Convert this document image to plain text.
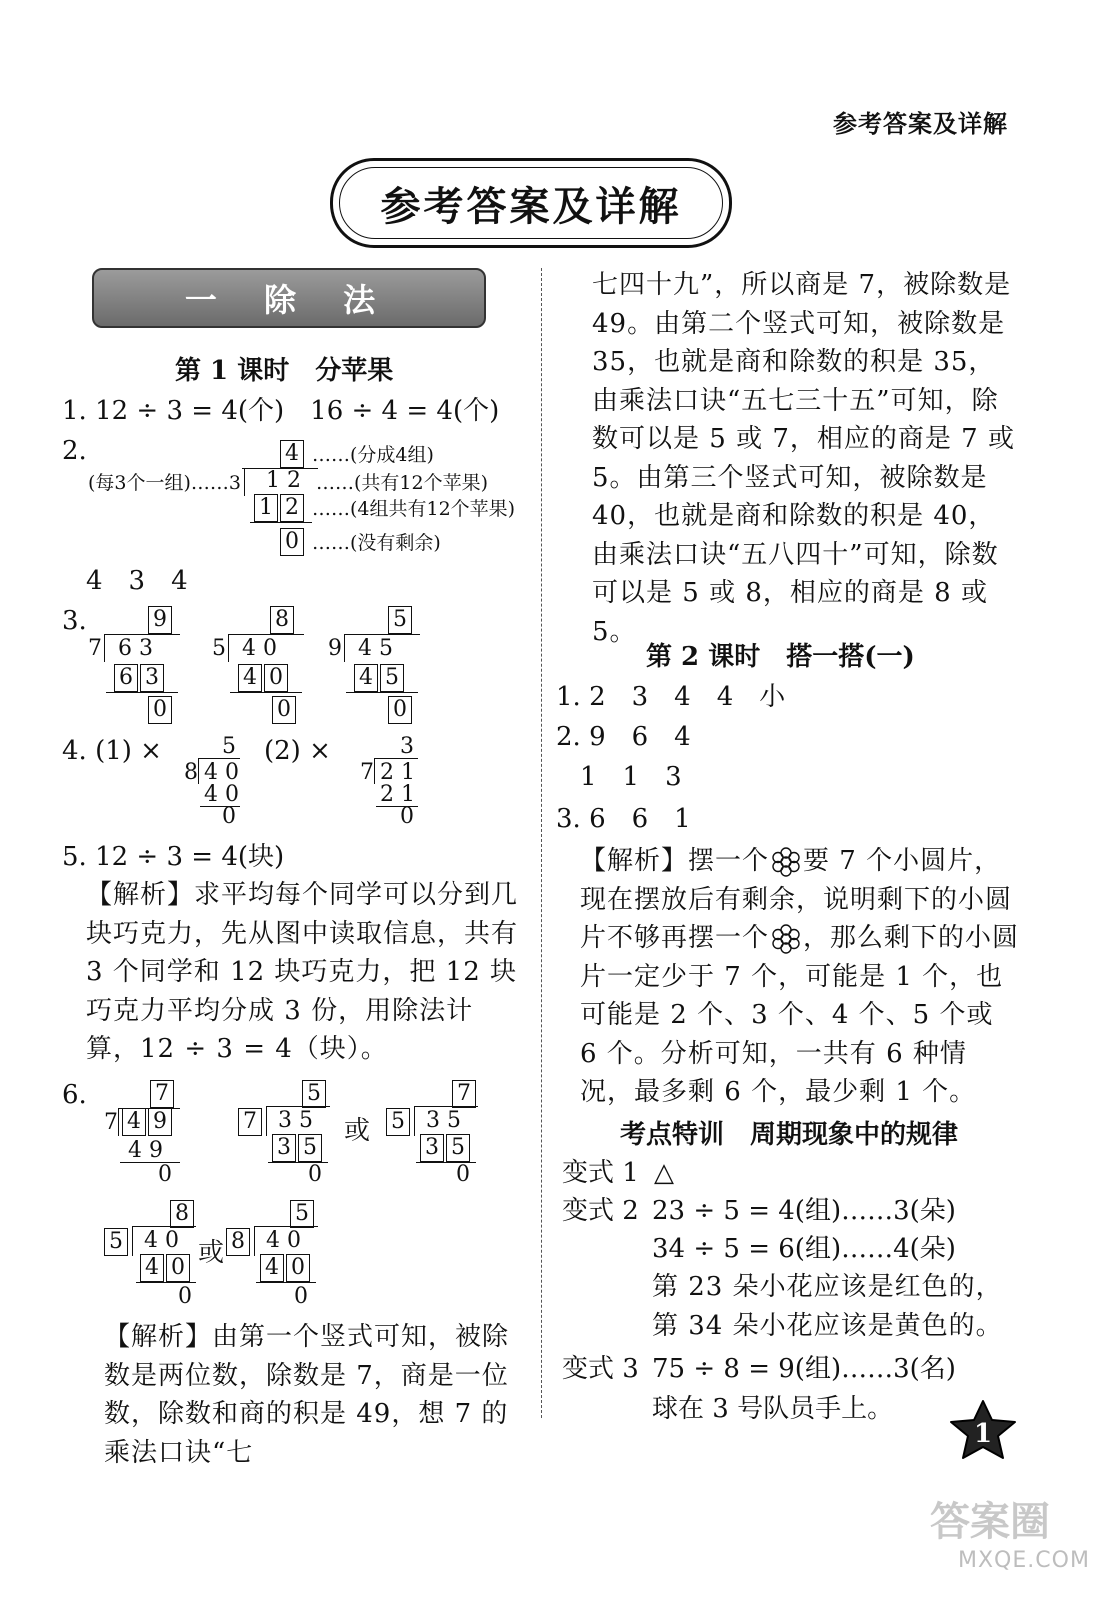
参考答案及详解
参考答案及详解
一 除 法
第 1 课时　分苹果
1. 12 ÷ 3 = 4(个)　16 ÷ 4 = 4(个)
2.	4 ……(分成4组)
(每3个一组)……3 1 2 ……(共有12个苹果)
1 2 ……(4组共有12个苹果)
0 ……(没有剩余)
4　3　4
3.	9
7 6 3
6 3
0
8
5 4 0
4 0
0
5
9 4 5
4 5
0
4. (1) ×	5
8 4 0
4 0
0
(2) ×	3
7 2 1
2 1
0
5. 12 ÷ 3 = 4(块)
【解析】求平均每个同学可以分到几块巧克力，先从图中读取信息，共有 3 个同学和 12 块巧克力，把 12 块巧克力平均分成 3 份，用除法计算，12 ÷ 3 = 4（块）。
6.	7
7 4 9
4 9
0
5
7 3 5
3 5
0
或
7
5 3 5
3 5
0
8
5 4 0
4 0
0
或
5
8 4 0
4 0
0
【解析】由第一个竖式可知，被除数是两位数，除数是 7，商是一位数，除数和商的积是 49，想 7 的乘法口诀“七
七四十九”，所以商是 7，被除数是 49。由第二个竖式可知，被除数是 35，也就是商和除数的积是 35，由乘法口诀“五七三十五”可知，除数可以是 5 或 7，相应的商是 7 或 5。由第三个竖式可知，被除数是 40，也就是商和除数的积是 40，由乘法口诀“五八四十”可知，除数可以是 5 或 8，相应的商是 8 或 5。
第 2 课时　搭一搭(一)
1. 2　3　4　4　小
2. 9　6　4
1　1　3
3. 6　6　1
【解析】摆一个 要 7 个小圆片，现在摆放后有剩余，说明剩下的小圆片不够再摆一个 ，那么剩下的小圆片一定少于 7 个，可能是 1 个，也可能是 2 个、3 个、4 个、5 个或 6 个。分析可知，一共有 6 种情况，最多剩 6 个，最少剩 1 个。
考点特训　周期现象中的规律
变式 1 △
变式 2 23 ÷ 5 = 4(组)……3(朵)
34 ÷ 5 = 6(组)……4(朵)
第 23 朵小花应该是红色的，第 34 朵小花应该是黄色的。
变式 3 75 ÷ 8 = 9(组)……3(名)
球在 3 号队员手上。
1
答案圈
MXQE.COM
